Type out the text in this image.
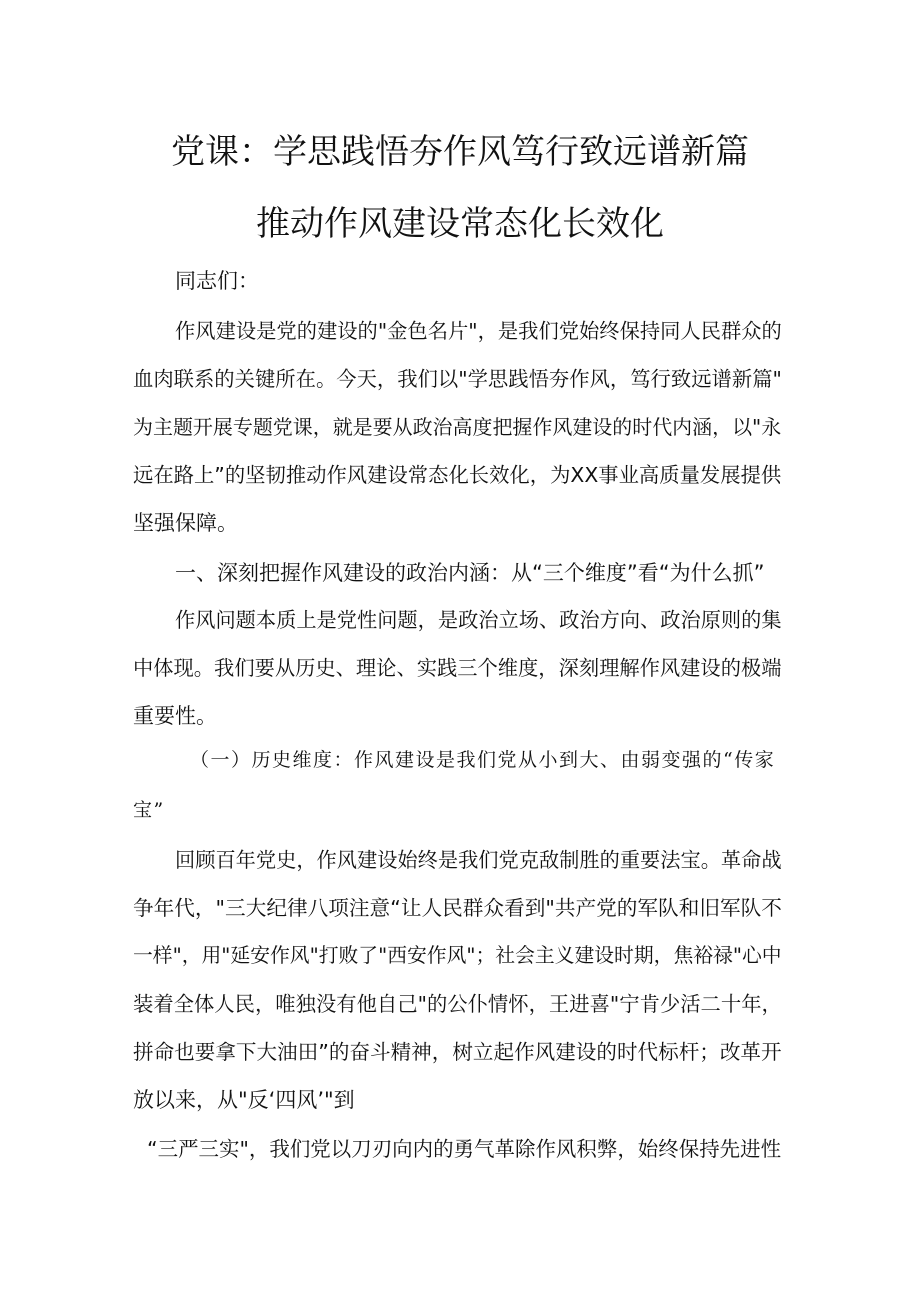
党课：学思践悟夯作风笃行致远谱新篇
推动作风建设常态化长效化
同志们：
作风建设是党的建设的"金色名片"，是我们党始终保持同人民群众的
血肉联系的关键所在。今天，我们以"学思践悟夯作风，笃行致远谱新篇"
为主题开展专题党课，就是要从政治高度把握作风建设的时代内涵，以"永
远在路上”的坚韧推动作风建设常态化长效化，为XX事业高质量发展提供
坚强保障。
一、深刻把握作风建设的政治内涵：从“三个维度”看“为什么抓”
作风问题本质上是党性问题，是政治立场、政治方向、政治原则的集
中体现。我们要从历史、理论、实践三个维度，深刻理解作风建设的极端
重要性。
（一）历史维度：作风建设是我们党从小到大、由弱变强的“传家
宝”
回顾百年党史，作风建设始终是我们党克敌制胜的重要法宝。革命战
争年代，"三大纪律八项注意“让人民群众看到"共产党的军队和旧军队不
一样"，用"延安作风"打败了"西安作风"；社会主义建设时期，焦裕禄"心中
装着全体人民，唯独没有他自己"的公仆情怀，王进喜"宁肯少活二十年，
拼命也要拿下大油田”的奋斗精神，树立起作风建设的时代标杆；改革开
放以来，从"反‘四风’"到
“三严三实"，我们党以刀刃向内的勇气革除作风积弊，始终保持先进性
